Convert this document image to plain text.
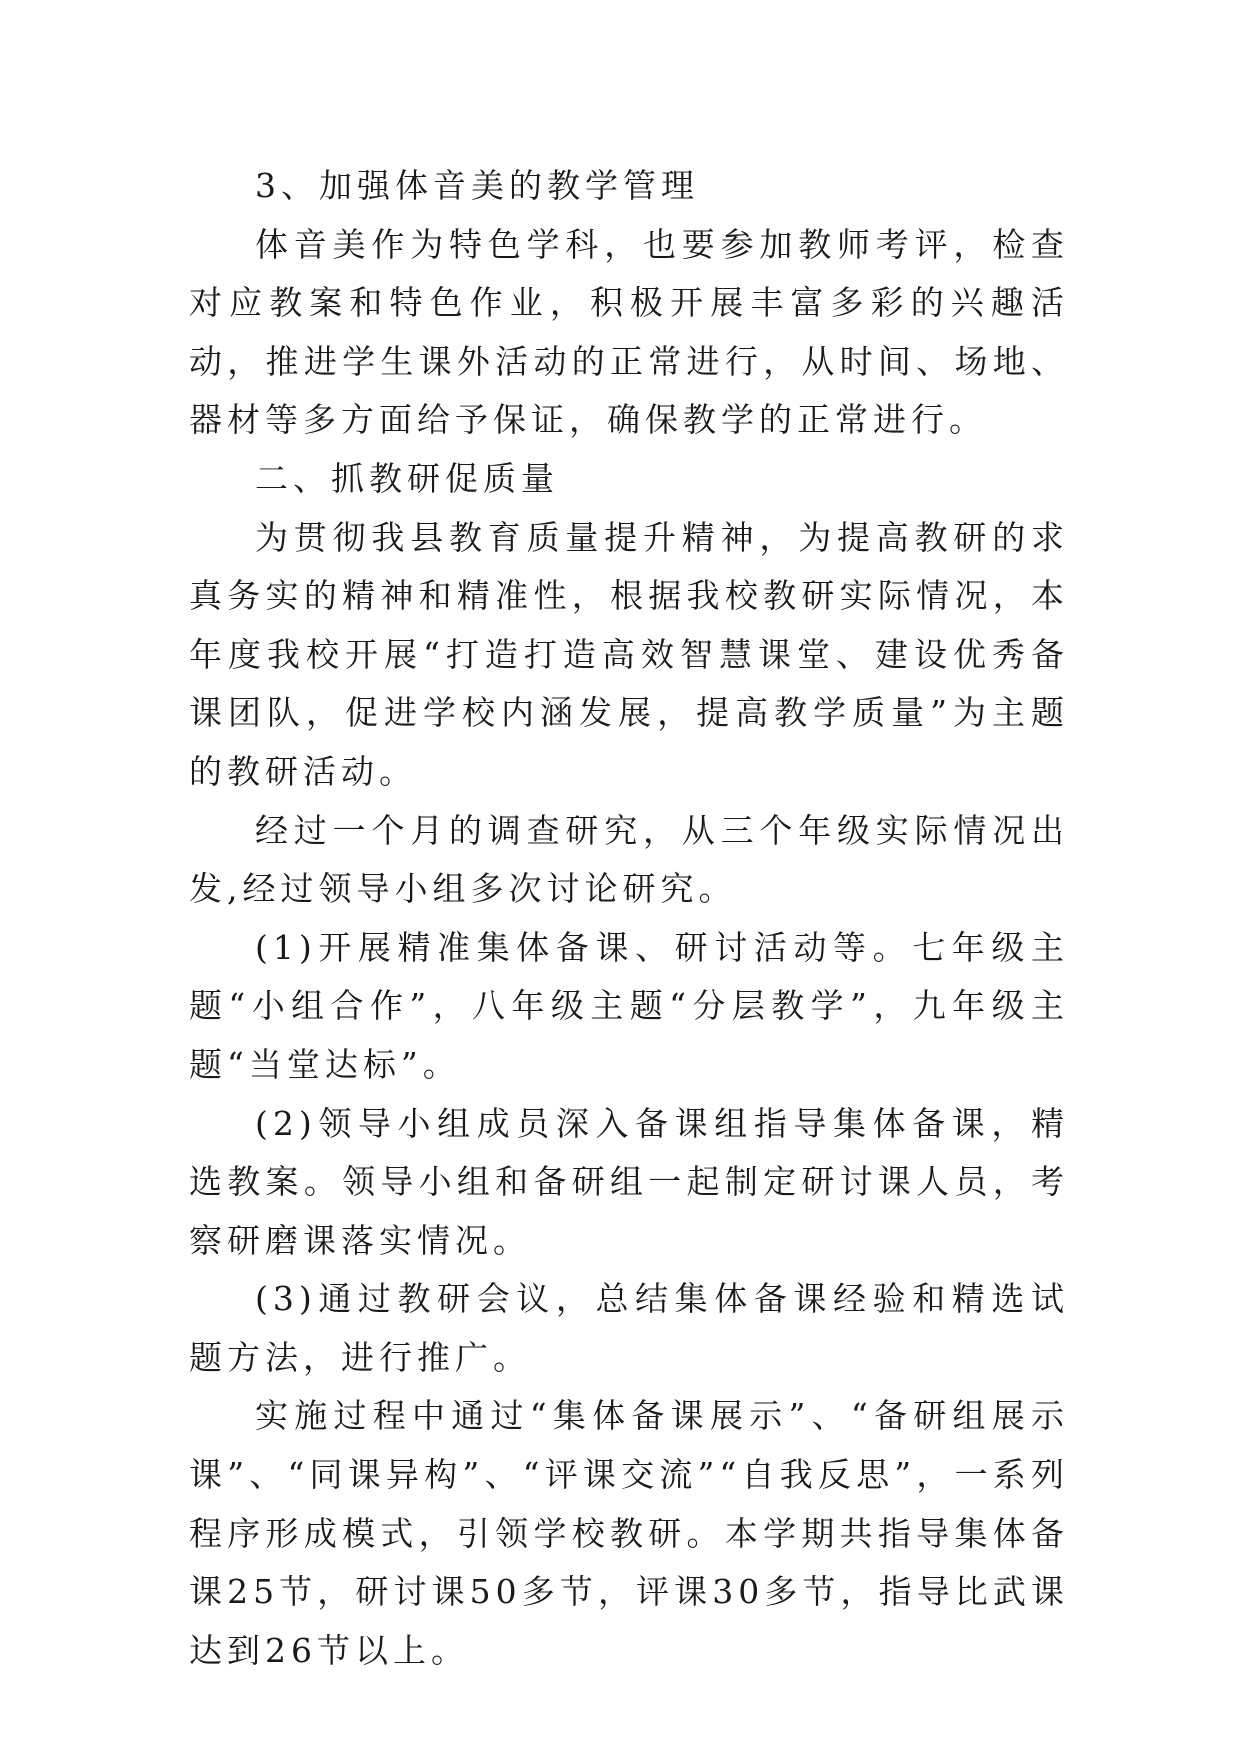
3、加强体音美的教学管理

体音美作为特色学科，也要参加教师考评，检查对应教案和特色作业，积极开展丰富多彩的兴趣活动，推进学生课外活动的正常进行，从时间、场地、器材等多方面给予保证，确保教学的正常进行。

二、抓教研促质量

为贯彻我县教育质量提升精神，为提高教研的求真务实的精神和精准性，根据我校教研实际情况，本年度我校开展“打造打造高效智慧课堂、建设优秀备课团队，促进学校内涵发展，提高教学质量”为主题的教研活动。

经过一个月的调查研究，从三个年级实际情况出发,经过领导小组多次讨论研究。

(1)开展精准集体备课、研讨活动等。七年级主题“小组合作”，八年级主题“分层教学”，九年级主题“当堂达标”。

(2)领导小组成员深入备课组指导集体备课，精选教案。领导小组和备研组一起制定研讨课人员，考察研磨课落实情况。

(3)通过教研会议，总结集体备课经验和精选试题方法，进行推广。

实施过程中通过“集体备课展示”、“备研组展示课”、“同课异构”、“评课交流”“自我反思”，一系列程序形成模式，引领学校教研。本学期共指导集体备课25节，研讨课50多节，评课30多节，指导比武课达到26节以上。
